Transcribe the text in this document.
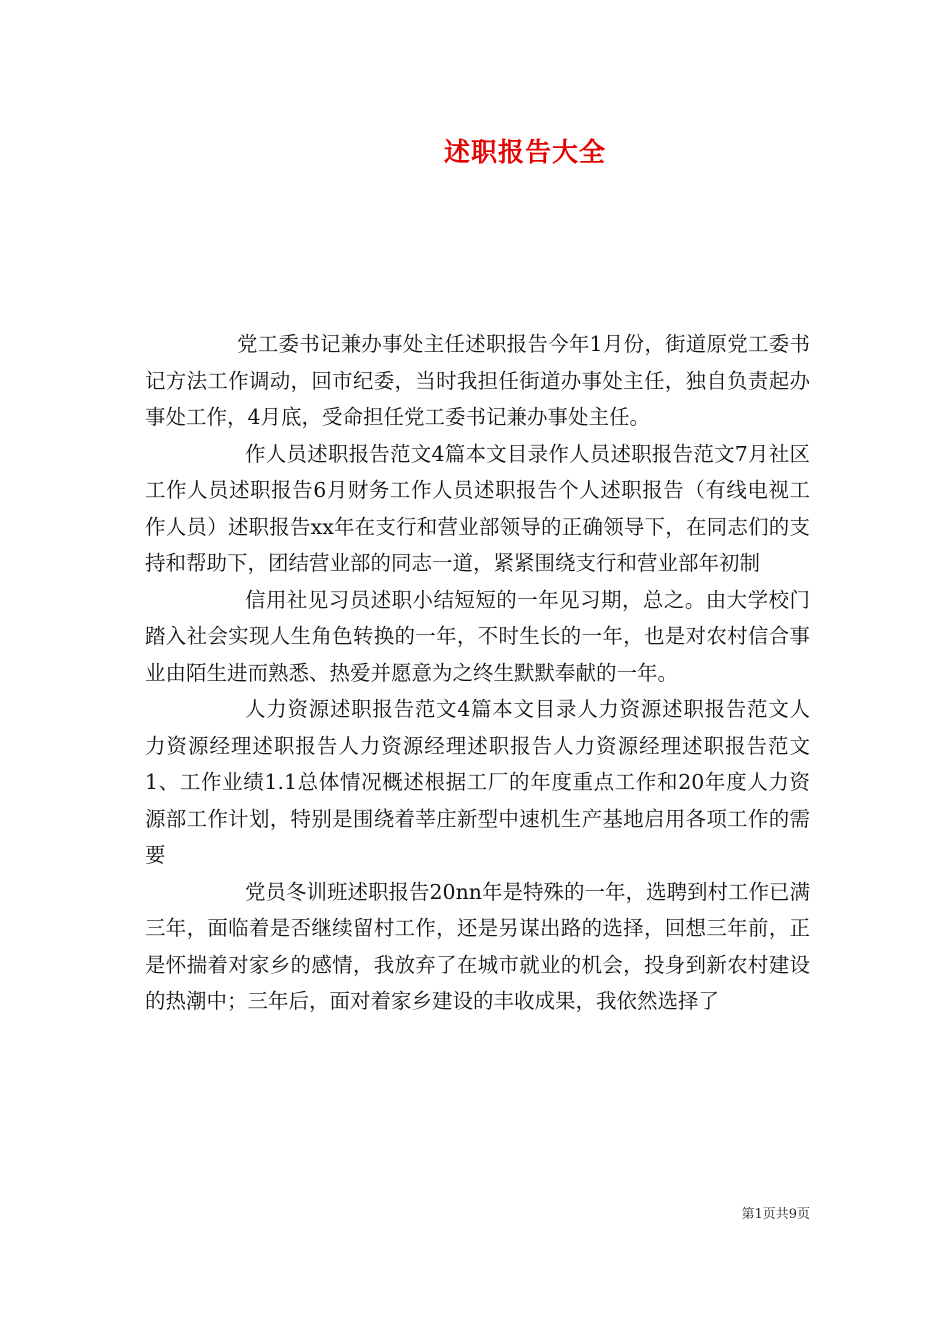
述职报告大全

党工委书记兼办事处主任述职报告今年1月份，街道原党工委书记方法工作调动，回市纪委，当时我担任街道办事处主任，独自负责起办事处工作，4月底，受命担任党工委书记兼办事处主任。

作人员述职报告范文4篇本文目录作人员述职报告范文7月社区工作人员述职报告6月财务工作人员述职报告个人述职报告（有线电视工作人员）述职报告xx年在支行和营业部领导的正确领导下，在同志们的支持和帮助下，团结营业部的同志一道，紧紧围绕支行和营业部年初制

信用社见习员述职小结短短的一年见习期，总之。由大学校门踏入社会实现人生角色转换的一年，不时生长的一年，也是对农村信合事业由陌生进而熟悉、热爱并愿意为之终生默默奉献的一年。

人力资源述职报告范文4篇本文目录人力资源述职报告范文人力资源经理述职报告人力资源经理述职报告人力资源经理述职报告范文1、工作业绩1.1总体情况概述根据工厂的年度重点工作和20年度人力资源部工作计划，特别是围绕着莘庄新型中速机生产基地启用各项工作的需要

党员冬训班述职报告20nn年是特殊的一年，选聘到村工作已满三年，面临着是否继续留村工作，还是另谋出路的选择，回想三年前，正是怀揣着对家乡的感情，我放弃了在城市就业的机会，投身到新农村建设的热潮中；三年后，面对着家乡建设的丰收成果，我依然选择了

第1页共9页
